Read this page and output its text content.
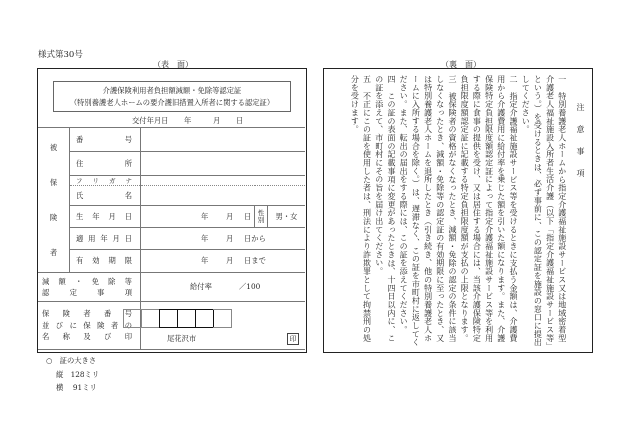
様式第30号
（表　面）	（裏　面）
介護保険利用者負担額減額・免除等認定証
（特別養護老人ホームの要介護旧措置入所者に関する認定証）
交付年月日 年	月 日
被
保
険
者	番 号			

	住 所			

	フ リ ガ ナ			

	氏 名			

	生 年 月 日	年 月 日	性別	男・女

	適 用 年 月 日	年 月 日から		

	有 効 期 限	年 月 日まで		

減 額 ・ 免 除 等
認	定	事	項

給付率	／100

保 険 者 番 号
並 び に 保 険 者 の
名 称 及 び 印	尾花沢市	印
○　証の大きさ
縦　128ミリ
横　 91ミリ
注意事項
一　特別養護老人ホームから指定介護福祉施設サービス又は地域密着型介護老人福祉施設入所者生活介護（以下「指定介護福祉施設サービス等」という。）を受けるときは、必ず事前に、この認定証を施設の窓口に提出してください。
二　指定介護福祉施設サービス等を受けるときに支払う金額は、介護費用から介護費用に給付率を乗じた額を引いた額になります。また、介護保険特定負担限度額認定証によって指定介護福祉施設サービス等を利用する際に食事の提供を受け、又は居住する場合には、当該介護保険特定負担限度額認定証に記載する特定負担限度額が支払の上限となります。
三　被保険者の資格がなくなったとき、減額・免除の認定の条件に該当しなくなったとき、減額・免除等の認定証の有効期限に至ったとき、又は特別養護老人ホームを退所したとき（引き続き、他の特別養護老人ホームに入所する場合を除く。）は、遅滞なく、この証を市町村に返してください。また、転出の届出をする際には、この証を添えてください。
四　この証の表面の記載事項に変更があったときは、十四日以内に、この証を添えて、市町村にその旨を届け出てください。
五　不正にこの証を使用した者は、刑法により詐欺罪として拘禁刑の処分を受けます。
